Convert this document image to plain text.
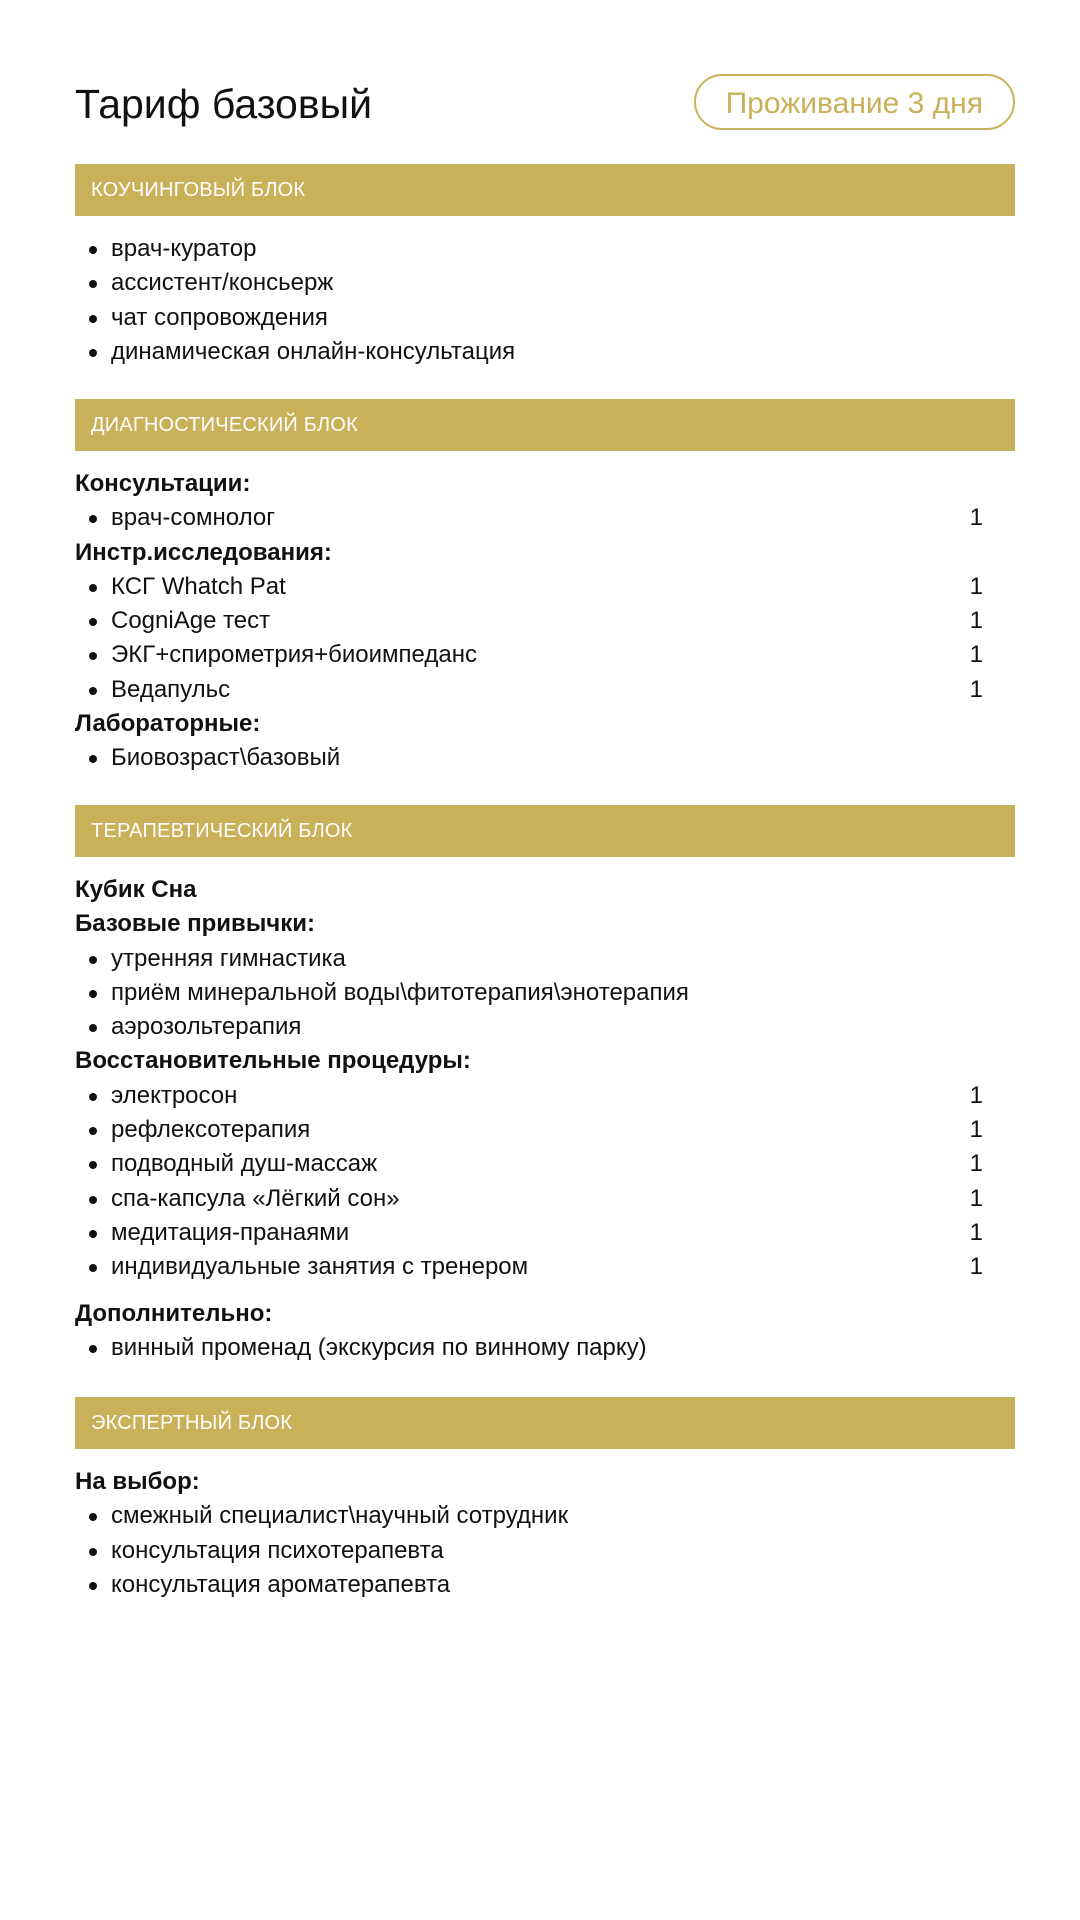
Тариф базовый	Проживание 3 дня
КОУЧИНГОВЫЙ БЛОК
врач-куратор
ассистент/консьерж
чат сопровождения
динамическая онлайн-консультация
ДИАГНОСТИЧЕСКИЙ БЛОК
Консультации:
врач-сомнолог	1
Инстр.исследования:
КСГ Whatch Pat	1
CogniAge тест	1
ЭКГ+спирометрия+биоимпеданс	1
Ведапульс	1
Лабораторные:
Биовозраст\базовый
ТЕРАПЕВТИЧЕСКИЙ БЛОК
Кубик Сна
Базовые привычки:
утренняя гимнастика
приём минеральной воды\фитотерапия\энотерапия
аэрозольтерапия
Восстановительные процедуры:
электросон	1
рефлексотерапия	1
подводный душ-массаж	1
спа-капсула «Лёгкий сон»	1
медитация-пранаями	1
индивидуальные занятия с тренером	1
Дополнительно:
винный променад (экскурсия по винному парку)
ЭКСПЕРТНЫЙ БЛОК
На выбор:
смежный специалист\научный сотрудник
консультация психотерапевта
консультация ароматерапевта
